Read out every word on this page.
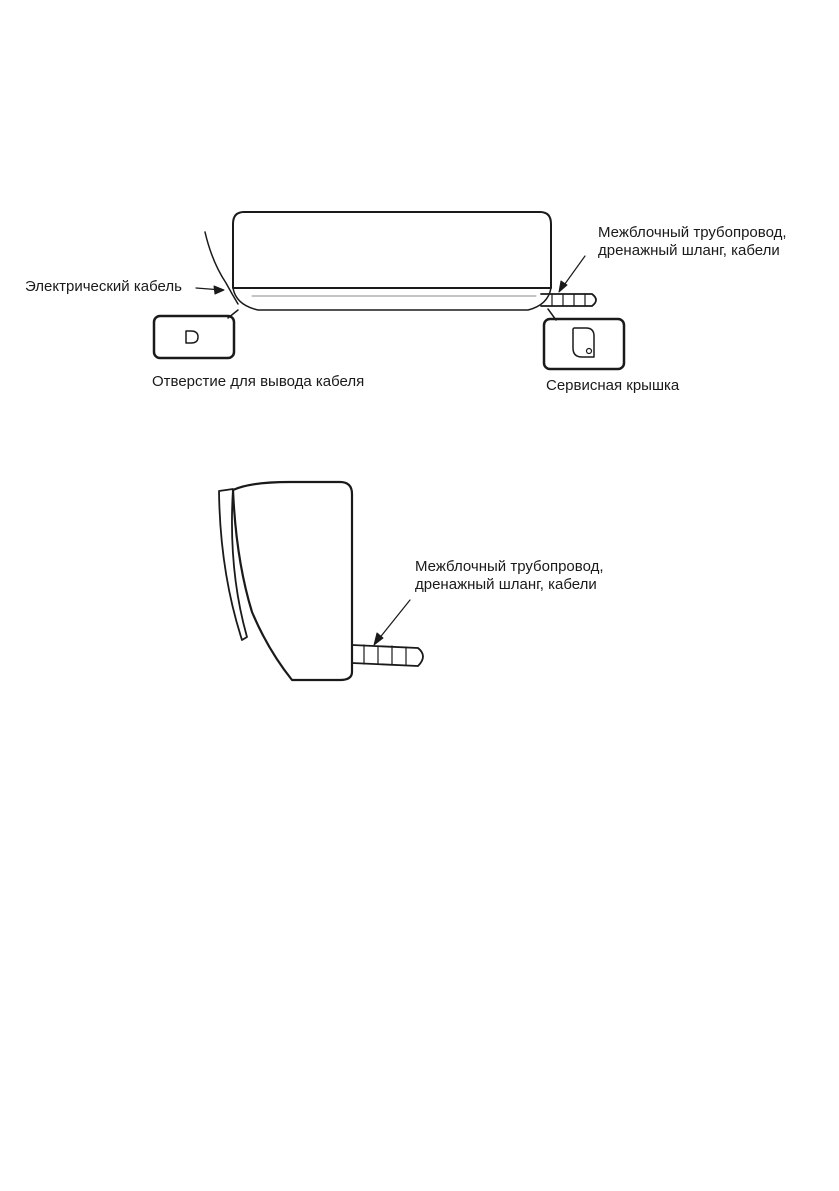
Электрический кабель

Межблочный трубопровод,
дренажный шланг, кабели

Отверстие для вывода кабеля	Сервисная крышка

Межблочный трубопровод,
дренажный шланг, кабели
